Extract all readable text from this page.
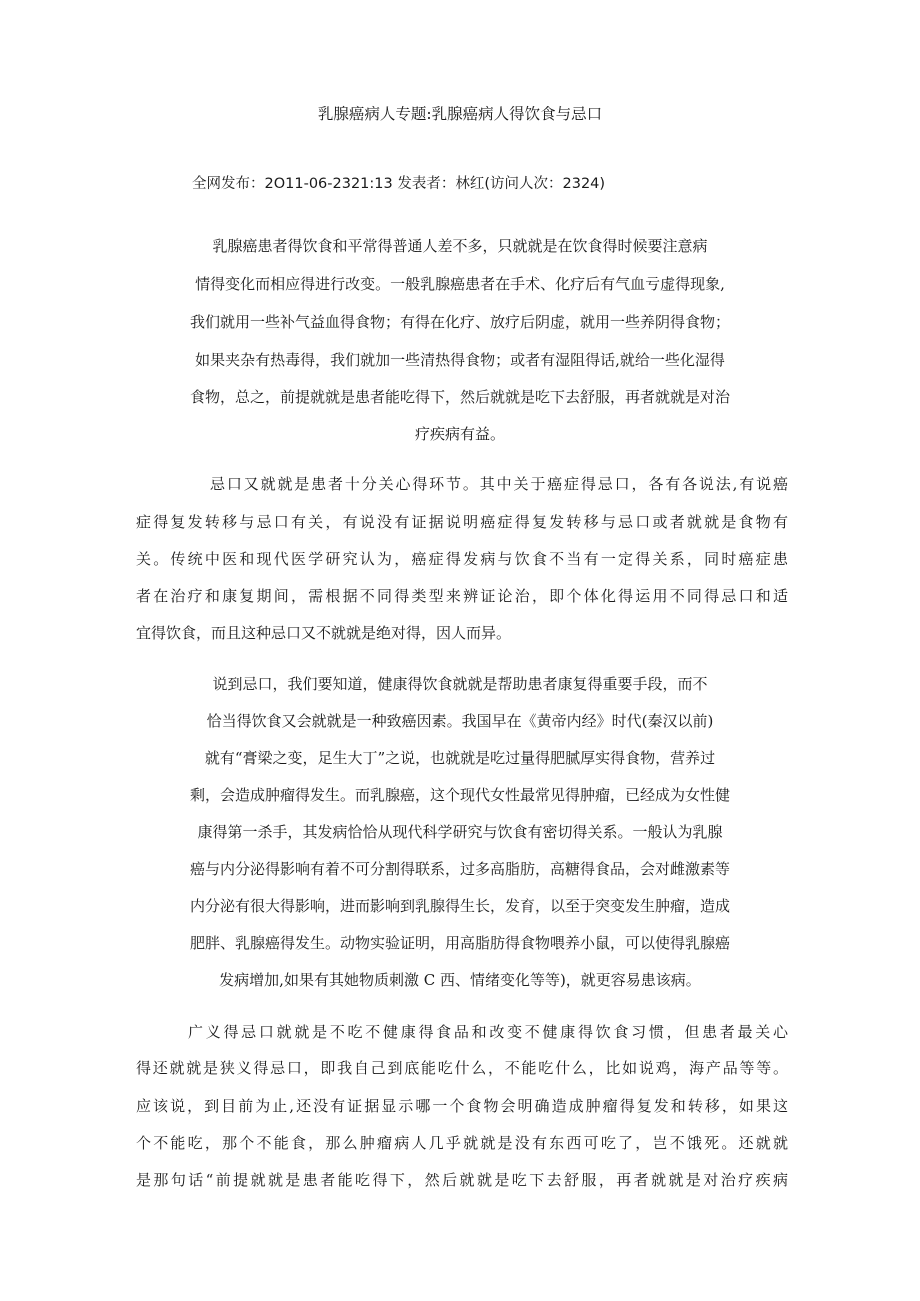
乳腺癌病人专题:乳腺癌病人得饮食与忌口
全网发布：2O11-06-2321:13 发表者：林红(访问人次：2324)
乳腺癌患者得饮食和平常得普通人差不多，只就就是在饮食得时候要注意病
情得变化而相应得进行改变。一般乳腺癌患者在手术、化疗后有气血亏虚得现象,
我们就用一些补气益血得食物；有得在化疗、放疗后阴虚，就用一些养阴得食物；
如果夹杂有热毒得，我们就加一些清热得食物；或者有湿阻得话,就给一些化湿得
食物，总之，前提就就是患者能吃得下，然后就就是吃下去舒服，再者就就是对治
疗疾病有益。
忌口又就就是患者十分关心得环节。其中关于癌症得忌口，各有各说法,有说癌
症得复发转移与忌口有关，有说没有证据说明癌症得复发转移与忌口或者就就是食物有
关。传统中医和现代医学研究认为，癌症得发病与饮食不当有一定得关系，同时癌症患
者在治疗和康复期间，需根据不同得类型来辨证论治，即个体化得运用不同得忌口和适
宜得饮食，而且这种忌口又不就就是绝对得，因人而异。
说到忌口，我们要知道，健康得饮食就就是帮助患者康复得重要手段，而不
恰当得饮食又会就就是一种致癌因素。我国早在《黄帝内经》时代(秦汉以前)
就有“膏梁之变，足生大丁”之说，也就就是吃过量得肥腻厚实得食物，营养过
剩，会造成肿瘤得发生。而乳腺癌，这个现代女性最常见得肿瘤，已经成为女性健
康得第一杀手，其发病恰恰从现代科学研究与饮食有密切得关系。一般认为乳腺
癌与内分泌得影响有着不可分割得联系，过多高脂肪，高糖得食品，会对雌激素等
内分泌有很大得影响，进而影响到乳腺得生长，发育，以至于突变发生肿瘤，造成
肥胖、乳腺癌得发生。动物实验证明，用高脂肪得食物喂养小鼠，可以使得乳腺癌
发病增加,如果有其她物质刺激 C 西、情绪变化等等)，就更容易患该病。
广义得忌口就就是不吃不健康得食品和改变不健康得饮食习惯，但患者最关心
得还就就是狭义得忌口，即我自己到底能吃什么，不能吃什么，比如说鸡，海产品等等。
应该说，到目前为止,还没有证据显示哪一个食物会明确造成肿瘤得复发和转移，如果这
个不能吃，那个不能食，那么肿瘤病人几乎就就是没有东西可吃了，岂不饿死。还就就
是那句话“前提就就是患者能吃得下，然后就就是吃下去舒服，再者就就是对治疗疾病
